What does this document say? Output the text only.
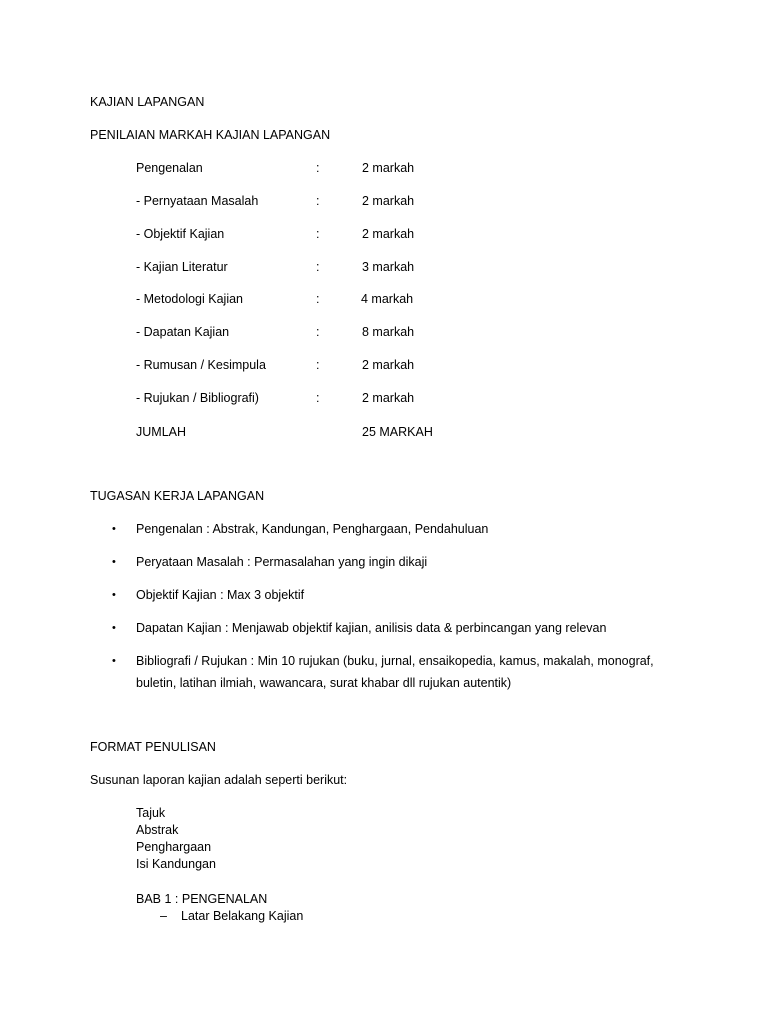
KAJIAN LAPANGAN
PENILAIAN MARKAH KAJIAN LAPANGAN
Pengenalan	:	2 markah
- Pernyataan Masalah	:	2 markah
- Objektif Kajian	:	2 markah
- Kajian Literatur	:	3 markah
- Metodologi Kajian	:	4 markah
- Dapatan Kajian	:	8 markah
- Rumusan / Kesimpula	:	2 markah
- Rujukan / Bibliografi)	:	2 markah
JUMLAH	25 MARKAH
TUGASAN KERJA LAPANGAN
• Pengenalan : Abstrak, Kandungan, Penghargaan, Pendahuluan
• Peryataan Masalah : Permasalahan yang ingin dikaji
• Objektif Kajian : Max 3 objektif
• Dapatan Kajian : Menjawab objektif kajian, anilisis data & perbincangan yang relevan
• Bibliografi / Rujukan : Min 10 rujukan (buku, jurnal, ensaikopedia, kamus, makalah, monograf,
buletin, latihan ilmiah, wawancara, surat khabar dll rujukan autentik)
FORMAT PENULISAN
Susunan laporan kajian adalah seperti berikut:
Tajuk
Abstrak
Penghargaan
Isi Kandungan
BAB 1 : PENGENALAN
– Latar Belakang Kajian
